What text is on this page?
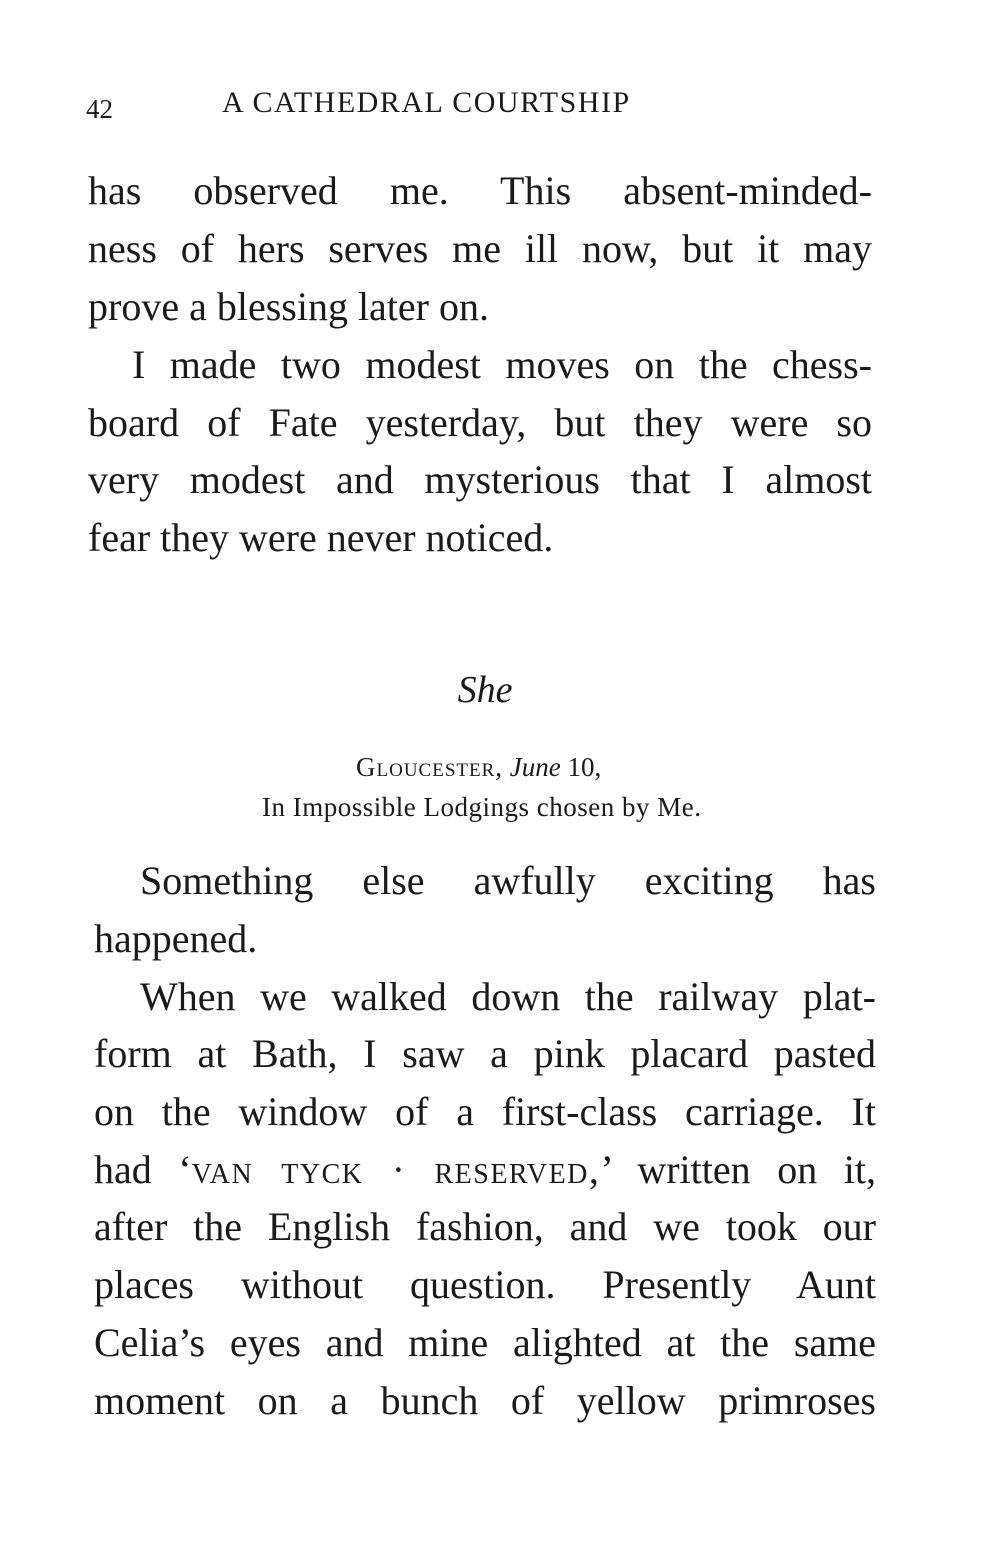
42	A CATHEDRAL COURTSHIP
has observed me. This absent-minded-
ness of hers serves me ill now, but it may
prove a blessing later on.
I made two modest moves on the chess-
board of Fate yesterday, but they were so
very modest and mysterious that I almost
fear they were never noticed.
She
Gloucester, June 10,
In Impossible Lodgings chosen by Me.
Something else awfully exciting has
happened.
When we walked down the railway plat-
form at Bath, I saw a pink placard pasted
on the window of a first-class carriage. It
had ‘van tyck · reserved,’ written on it,
after the English fashion, and we took our
places without question. Presently Aunt
Celia’s eyes and mine alighted at the same
moment on a bunch of yellow primroses
